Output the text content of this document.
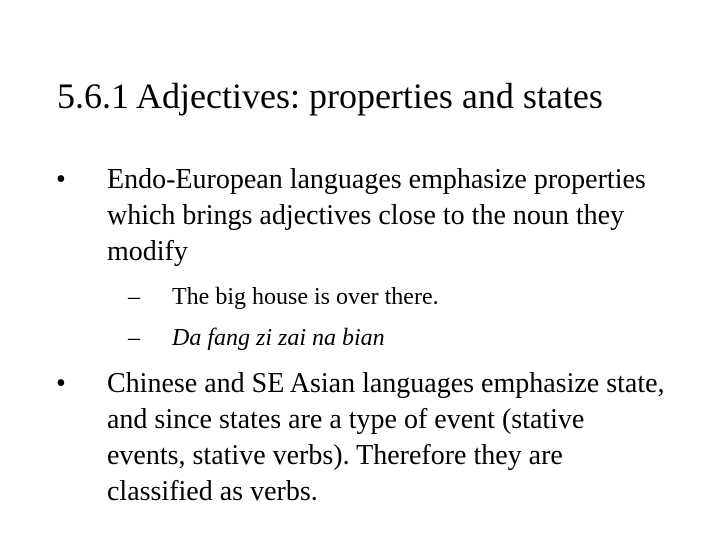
5.6.1 Adjectives: properties and states
• Endo-European languages emphasize properties which brings adjectives close to the noun they modify
– The big house is over there.
– Da fang zi zai na bian
• Chinese and SE Asian languages emphasize state, and since states are a type of event (stative events, stative verbs). Therefore they are classified as verbs.
